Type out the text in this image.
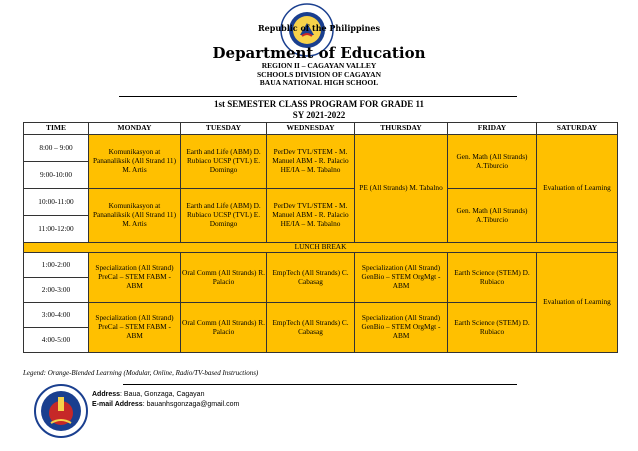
Republic of the Philippines
Department of Education
REGION II – CAGAYAN VALLEY
SCHOOLS DIVISION OF CAGAYAN
BAUA NATIONAL HIGH SCHOOL
1st SEMESTER CLASS PROGRAM FOR GRADE 11
SY 2021-2022
TIME	MONDAY	TUESDAY	WEDNESDAY	THURSDAY	FRIDAY	SATURDAY
8:00 – 9:00	Komunikasyon at Pananaliksik (All Strand 11) M. Artis	Earth and Life (ABM) D. Rubiaco UCSP (TVL) E. Domingo	PerDev TVL/STEM - M. Manuel ABM - R. Palacio HE/IA – M. Tabalno	PE (All Strands) M. Tabalno	Gen. Math (All Strands) A.Tiburcio	Evaluation of Learning
9:00-10:00						
10:00-11:00	Komunikasyon at Pananaliksik (All Strand 11) M. Artis	Earth and Life (ABM) D. Rubiaco UCSP (TVL) E. Domingo	PerDev TVL/STEM - M. Manuel ABM - R. Palacio HE/IA – M. Tabalno		Gen. Math (All Strands) A.Tiburcio	
11:00-12:00						
LUNCH BREAK						
1:00-2:00	Specialization (All Strand) PreCal – STEM FABM - ABM	Oral Comm (All Strands) R. Palacio	EmpTech (All Strands) C. Cabasag	Specialization (All Strand) GenBio – STEM OrgMgt - ABM	Earth Science (STEM) D. Rubiaco	Evaluation of Learning
2:00-3:00						
3:00-4:00	Specialization (All Strand) PreCal – STEM FABM - ABM	Oral Comm (All Strands) R. Palacio	EmpTech (All Strands) C. Cabasag	Specialization (All Strand) GenBio – STEM OrgMgt - ABM	Earth Science (STEM) D. Rubiaco	
4:00-5:00						
Legend: Orange-Blended Learning (Modular, Online, Radio/TV-based Instructions)
Address: Baua, Gonzaga, Cagayan
E-mail Address: bauanhsgonzaga@gmail.com
